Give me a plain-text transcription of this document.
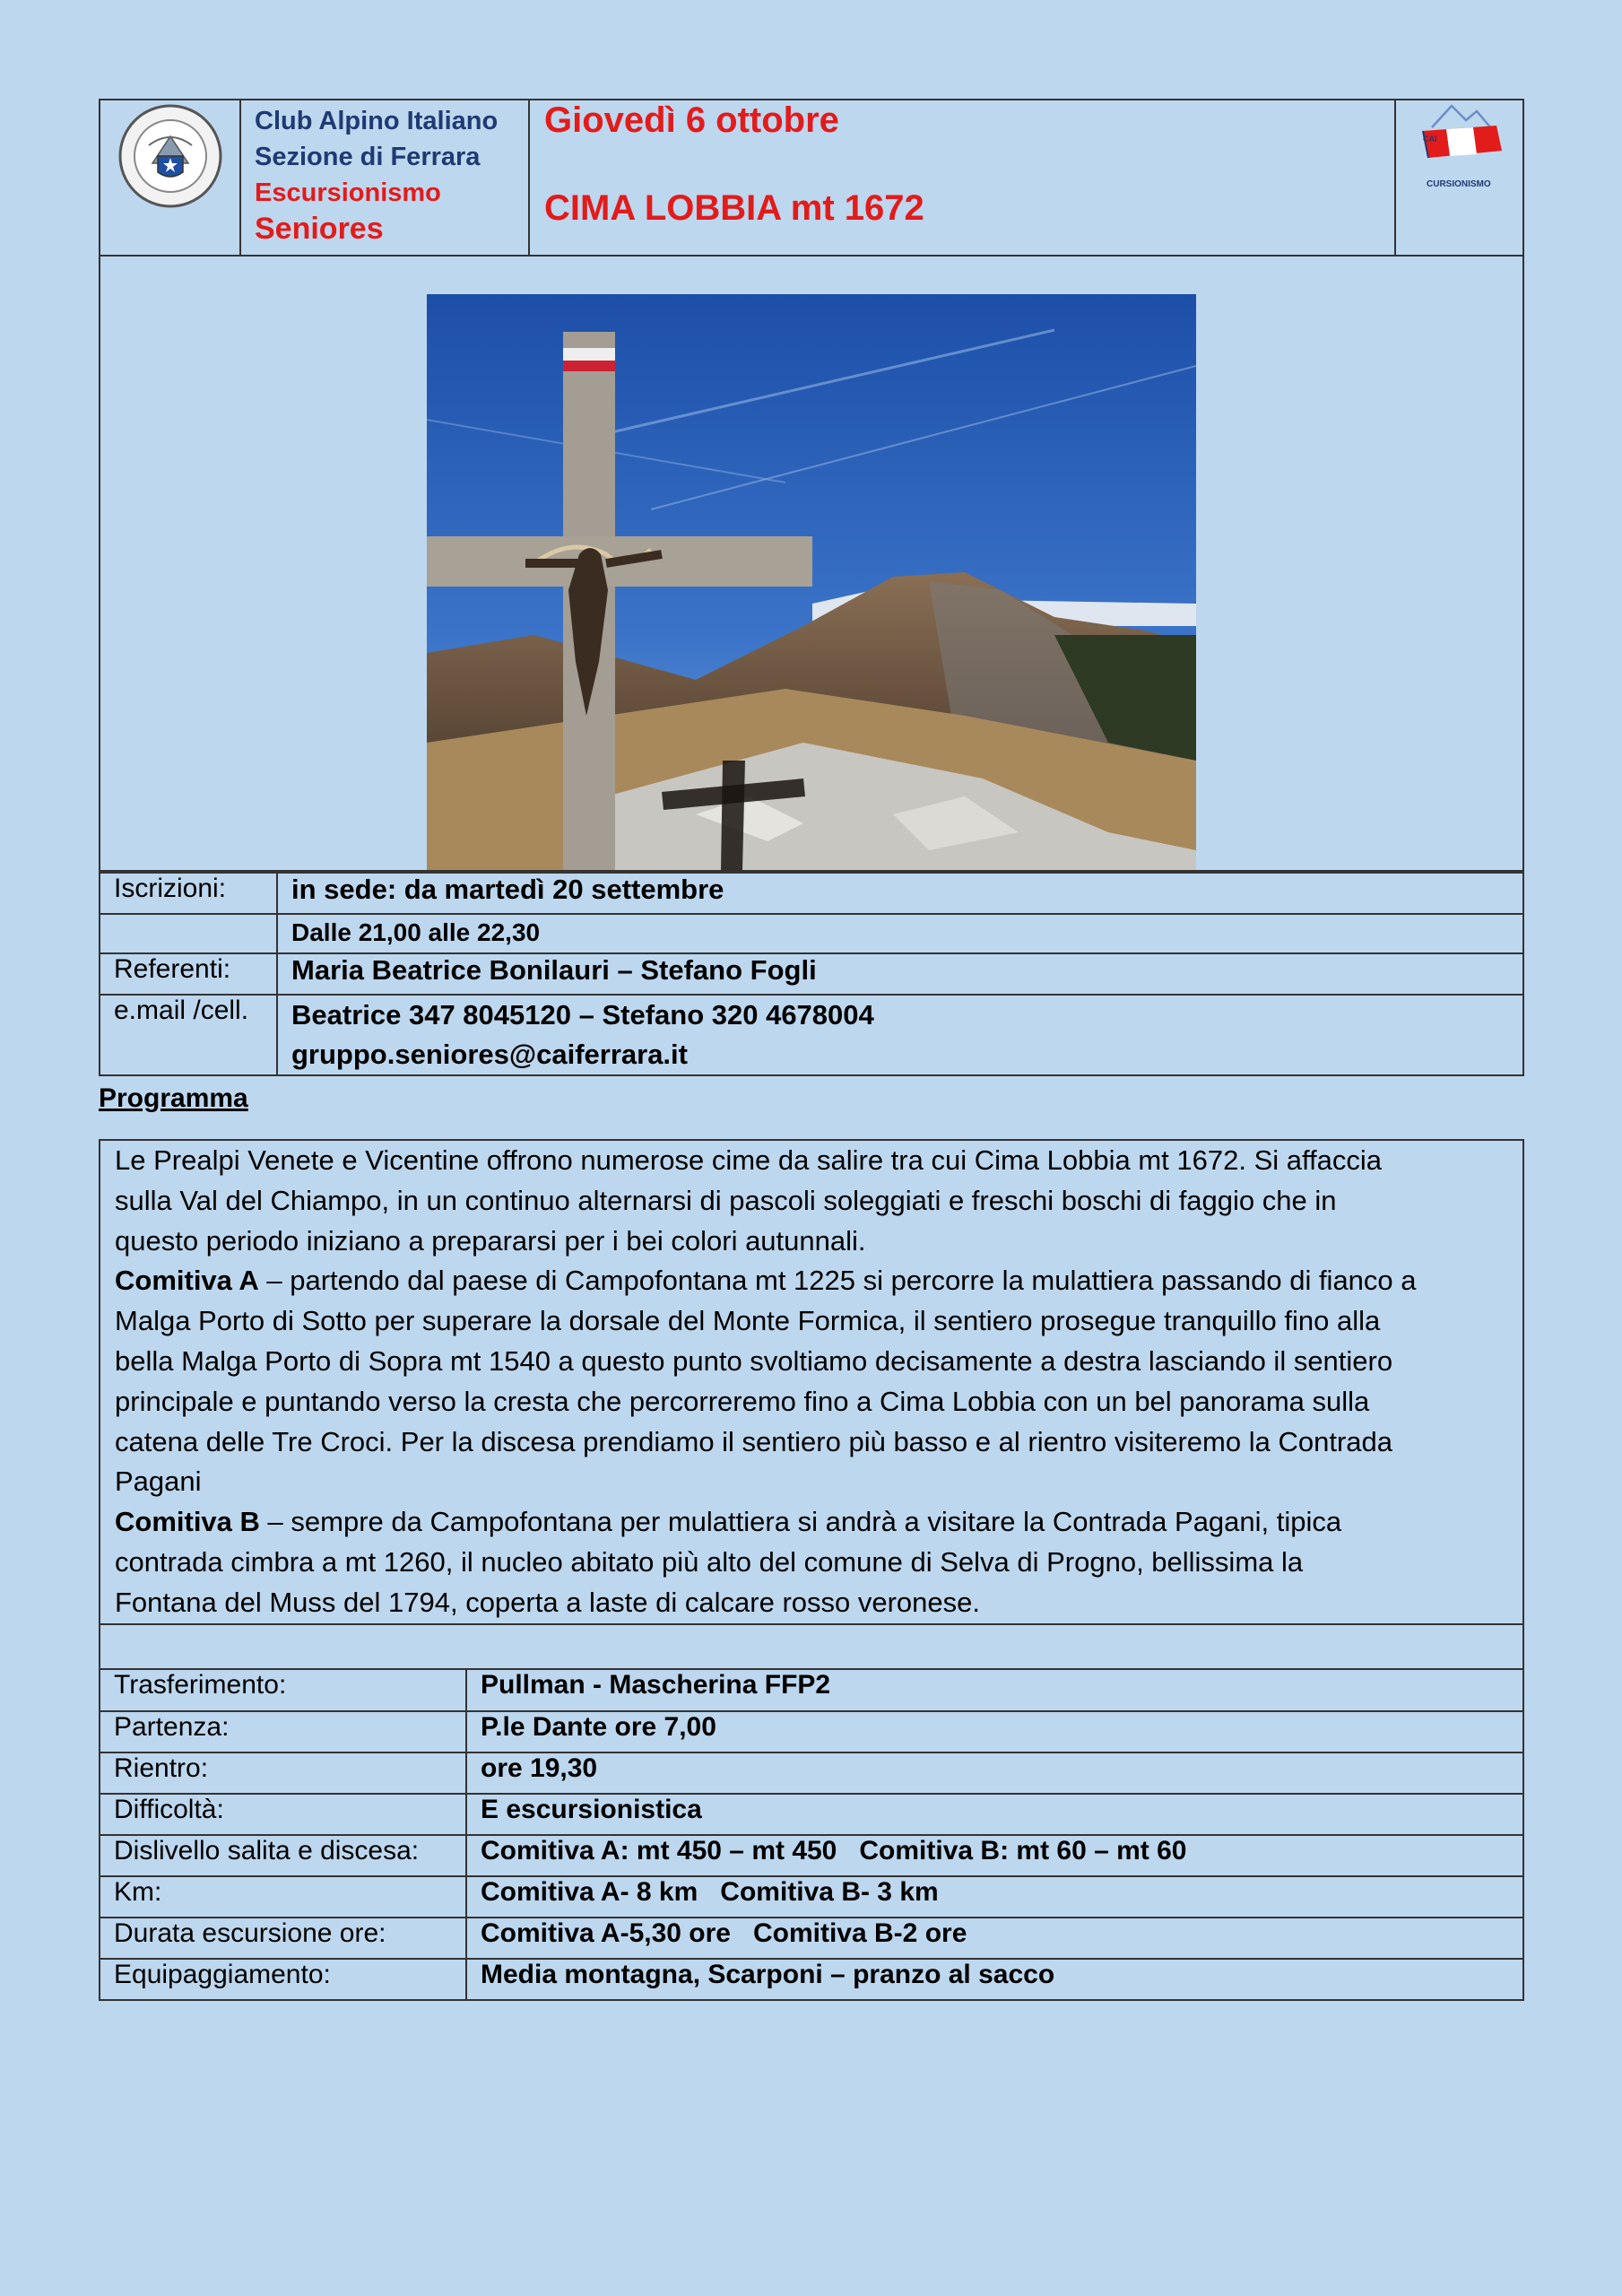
Club Alpino Italiano
Sezione di Ferrara
Escursionismo
Seniores
Giovedì 6 ottobre
CIMA LOBBIA mt 1672
CAI
CURSIONISMO
Iscrizioni:	in sede: da martedì 20 settembre
	Dalle 21,00 alle 22,30
Referenti:	Maria Beatrice Bonilauri – Stefano Fogli
e.mail /cell.	Beatrice 347 8045120 – Stefano 320 4678004
gruppo.seniores@caiferrara.it
Programma

Le Prealpi Venete e Vicentine offrono numerose cime da salire tra cui Cima Lobbia mt 1672. Si affaccia
sulla Val del Chiampo, in un continuo alternarsi di pascoli soleggiati e freschi boschi di faggio che in
questo periodo iniziano a prepararsi per i bei colori autunnali.
Comitiva A – partendo dal paese di Campofontana mt 1225 si percorre la mulattiera passando di fianco a
Malga Porto di Sotto per superare la dorsale del Monte Formica, il sentiero prosegue tranquillo fino alla
bella Malga Porto di Sopra mt 1540 a questo punto svoltiamo decisamente a destra lasciando il sentiero
principale e puntando verso la cresta che percorreremo fino a Cima Lobbia con un bel panorama sulla
catena delle Tre Croci. Per la discesa prendiamo il sentiero più basso e al rientro visiteremo la Contrada
Pagani
Comitiva B – sempre da Campofontana per mulattiera si andrà a visitare la Contrada Pagani, tipica
contrada cimbra a mt 1260, il nucleo abitato più alto del comune di Selva di Progno, bellissima la
Fontana del Muss del 1794, coperta a laste di calcare rosso veronese.

Trasferimento:	Pullman - Mascherina FFP2
Partenza:	P.le Dante ore 7,00
Rientro:	ore 19,30
Difficoltà:	E escursionistica
Dislivello salita e discesa:	Comitiva A: mt 450 – mt 450   Comitiva B: mt 60 – mt 60
Km:	Comitiva A- 8 km   Comitiva B- 3 km
Durata escursione ore:	Comitiva A-5,30 ore   Comitiva B-2 ore
Equipaggiamento:	Media montagna, Scarponi – pranzo al sacco
